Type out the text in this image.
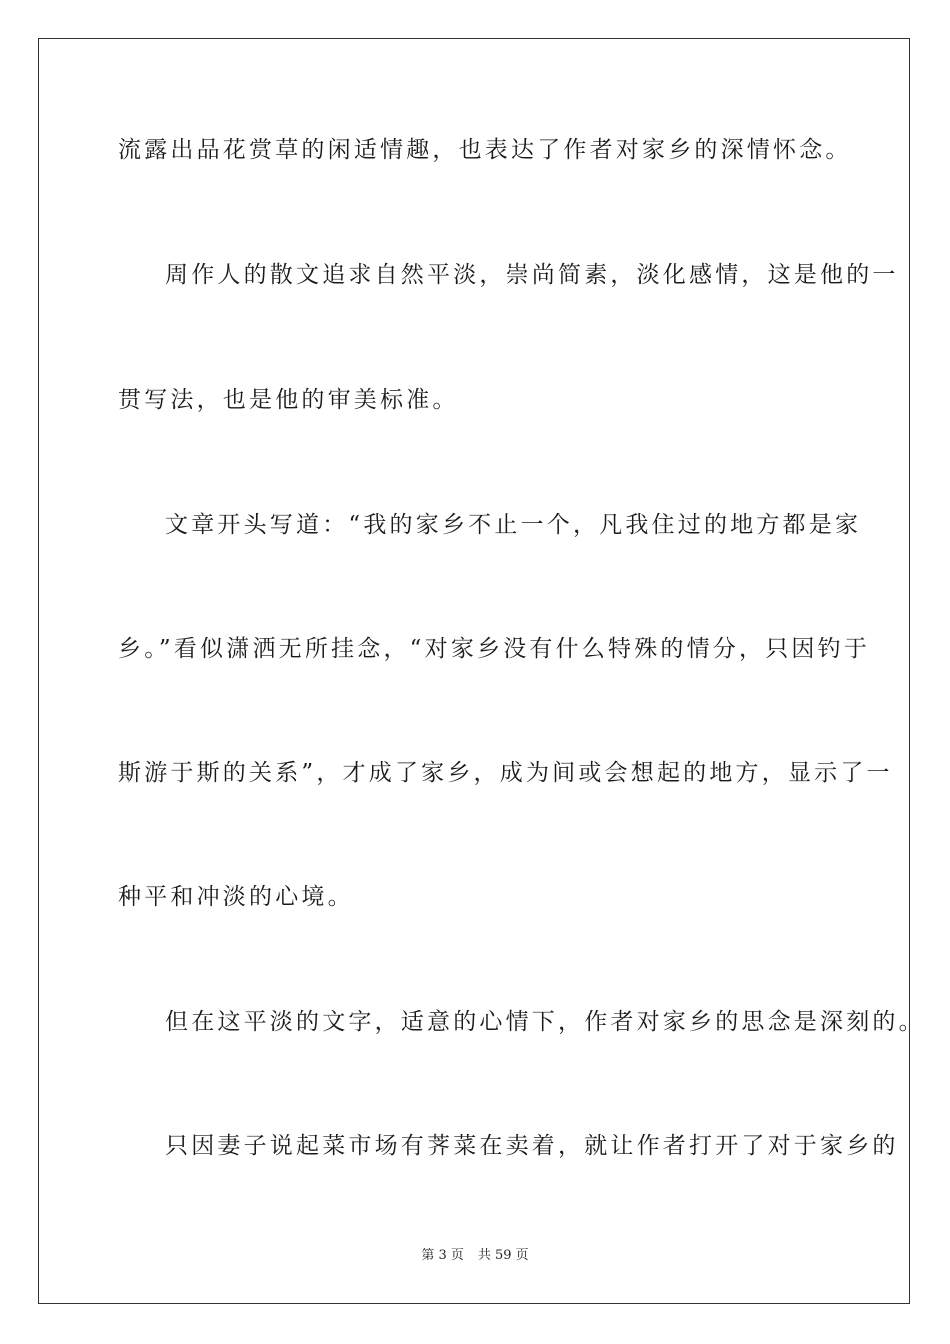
流露出品花赏草的闲适情趣，也表达了作者对家乡的深情怀念。
周作人的散文追求自然平淡，崇尚简素，淡化感情，这是他的一
贯写法，也是他的审美标准。
文章开头写道：“我的家乡不止一个，凡我住过的地方都是家
乡。”看似潇洒无所挂念，“对家乡没有什么特殊的情分，只因钓于
斯游于斯的关系”，才成了家乡，成为间或会想起的地方，显示了一
种平和冲淡的心境。
但在这平淡的文字，适意的心情下，作者对家乡的思念是深刻的。
只因妻子说起菜市场有荠菜在卖着，就让作者打开了对于家乡的
第 3 页 共 59 页
